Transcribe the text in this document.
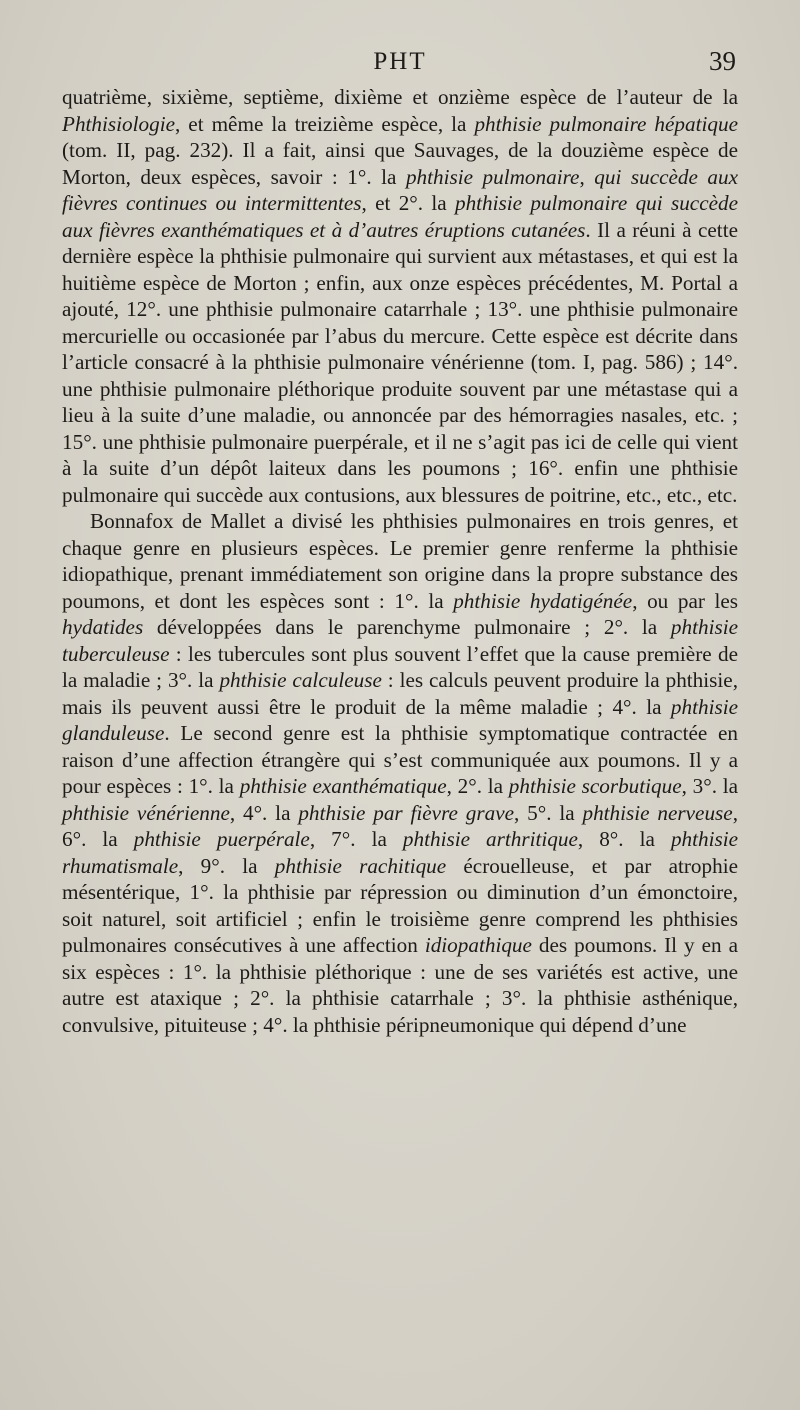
PHT	39

quatrième, sixième, septième, dixième et onzième espèce de l’auteur de la Phthisiologie, et même la treizième espèce, la phthisie pulmonaire hépatique (tom. II, pag. 232). Il a fait, ainsi que Sauvages, de la douzième espèce de Morton, deux espèces, savoir : 1°. la phthisie pulmonaire, qui succède aux fièvres continues ou intermittentes, et 2°. la phthisie pulmonaire qui succède aux fièvres exanthématiques et à d’autres éruptions cutanées. Il a réuni à cette dernière espèce la phthisie pulmonaire qui survient aux métastases, et qui est la huitième espèce de Morton ; enfin, aux onze espèces précédentes, M. Portal a ajouté, 12°. une phthisie pulmonaire catarrhale ; 13°. une phthisie pulmonaire mercurielle ou occasionée par l’abus du mercure. Cette espèce est décrite dans l’article consacré à la phthisie pulmonaire vénérienne (tom. I, pag. 586) ; 14°. une phthisie pulmonaire pléthorique produite souvent par une métastase qui a lieu à la suite d’une maladie, ou annoncée par des hémorragies nasales, etc. ; 15°. une phthisie pulmonaire puerpérale, et il ne s’agit pas ici de celle qui vient à la suite d’un dépôt laiteux dans les poumons ; 16°. enfin une phthisie pulmonaire qui succède aux contusions, aux blessures de poitrine, etc., etc., etc.

Bonnafox de Mallet a divisé les phthisies pulmonaires en trois genres, et chaque genre en plusieurs espèces. Le premier genre renferme la phthisie idiopathique, prenant immédiatement son origine dans la propre substance des poumons, et dont les espèces sont : 1°. la phthisie hydatigénée, ou par les hydatides développées dans le parenchyme pulmonaire ; 2°. la phthisie tuberculeuse : les tubercules sont plus souvent l’effet que la cause première de la maladie ; 3°. la phthisie calculeuse : les calculs peuvent produire la phthisie, mais ils peuvent aussi être le produit de la même maladie ; 4°. la phthisie glanduleuse. Le second genre est la phthisie symptomatique contractée en raison d’une affection étrangère qui s’est communiquée aux poumons. Il y a pour espèces : 1°. la phthisie exanthématique, 2°. la phthisie scorbutique, 3°. la phthisie vénérienne, 4°. la phthisie par fièvre grave, 5°. la phthisie nerveuse, 6°. la phthisie puerpérale, 7°. la phthisie arthritique, 8°. la phthisie rhumatismale, 9°. la phthisie rachitique écrouelleuse, et par atrophie mésentérique, 1°. la phthisie par répression ou diminution d’un émonctoire, soit naturel, soit artificiel ; enfin le troisième genre comprend les phthisies pulmonaires consécutives à une affection idiopathique des poumons. Il y en a six espèces : 1°. la phthisie pléthorique : une de ses variétés est active, une autre est ataxique ; 2°. la phthisie catarrhale ; 3°. la phthisie asthénique, convulsive, pituiteuse ; 4°. la phthisie péripneumonique qui dépend d’une
